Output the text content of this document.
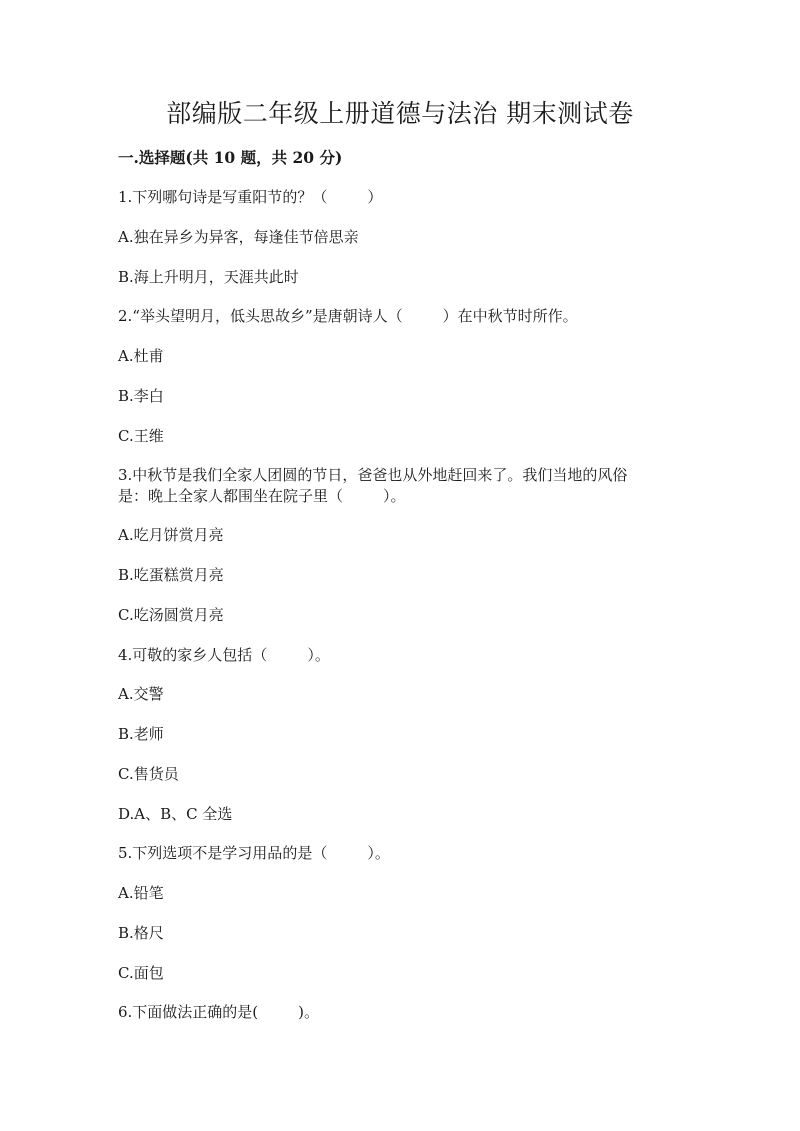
部编版二年级上册道德与法治 期末测试卷
一.选择题(共 10 题，共 20 分)
1.下列哪句诗是写重阳节的？（	）
A.独在异乡为异客，每逢佳节倍思亲
B.海上升明月，天涯共此时
2.“举头望明月，低头思故乡”是唐朝诗人（	）在中秋节时所作。
A.杜甫
B.李白
C.王维
3.中秋节是我们全家人团圆的节日，爸爸也从外地赶回来了。我们当地的风俗
是：晚上全家人都围坐在院子里（	）。
A.吃月饼赏月亮
B.吃蛋糕赏月亮
C.吃汤圆赏月亮
4.可敬的家乡人包括（	）。
A.交警
B.老师
C.售货员
D.A、B、C 全选
5.下列选项不是学习用品的是（	）。
A.铅笔
B.格尺
C.面包
6.下面做法正确的是(	)。
